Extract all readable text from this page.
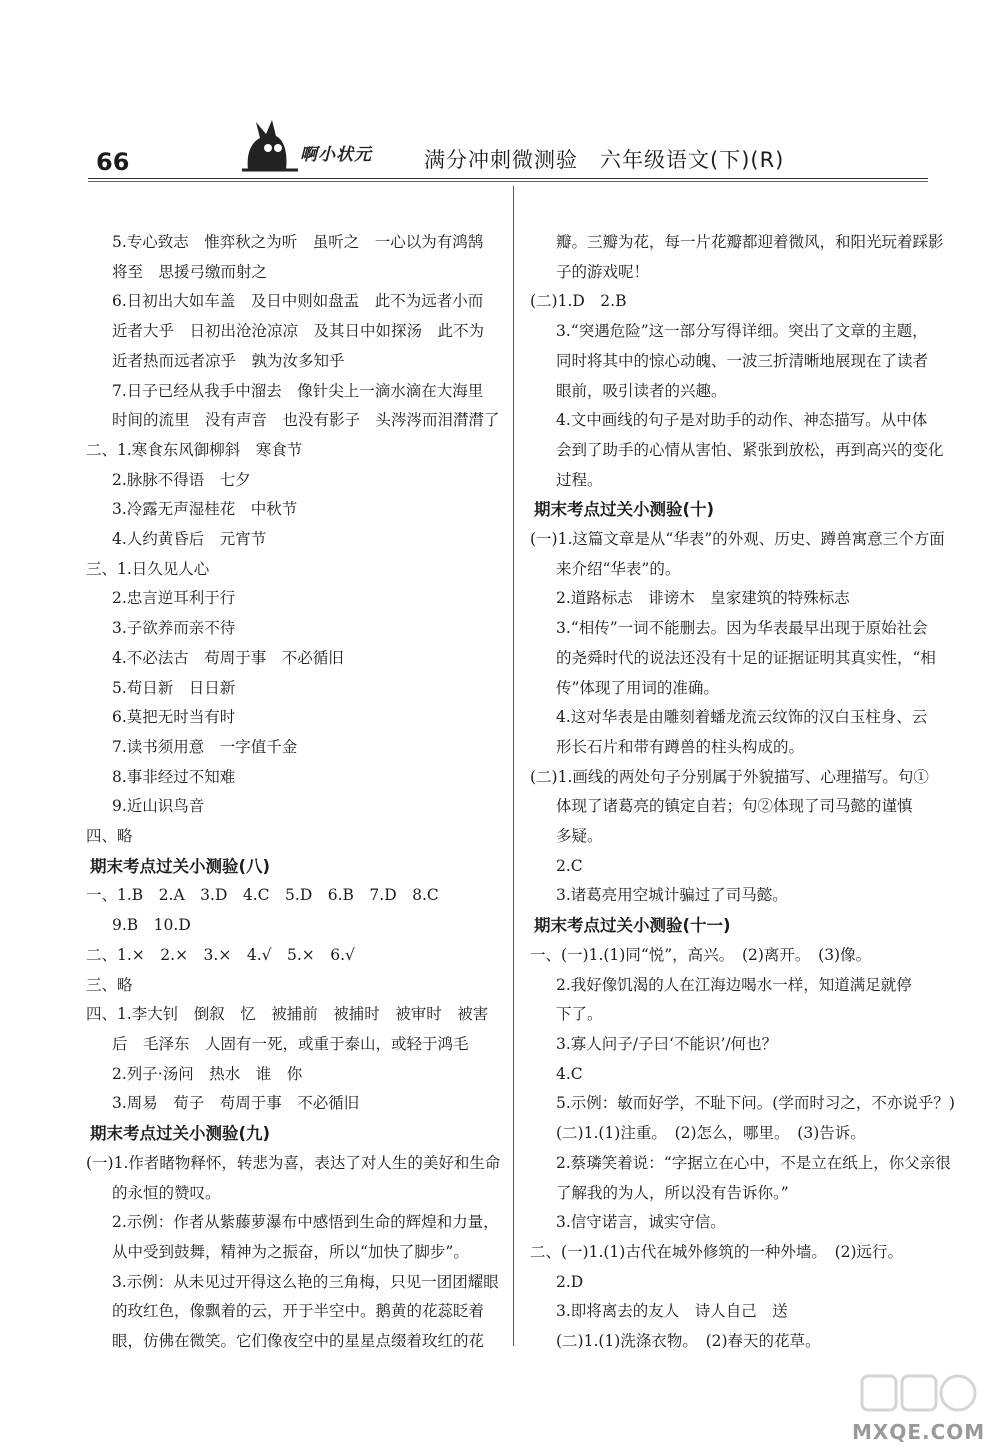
66	啊小状元 满分冲刺微测验　六年级语文(下)(R)
5.专心致志　惟弈秋之为听　虽听之　一心以为有鸿鹄
将至　思援弓缴而射之
6.日初出大如车盖　及日中则如盘盂　此不为远者小而
近者大乎　日初出沧沧凉凉　及其日中如探汤　此不为
近者热而远者凉乎　孰为汝多知乎
7.日子已经从我手中溜去　像针尖上一滴水滴在大海里
时间的流里　没有声音　也没有影子　头涔涔而泪潸潸了
二、1.寒食东风御柳斜　寒食节
2.脉脉不得语　七夕
3.冷露无声湿桂花　中秋节
4.人约黄昏后　元宵节
三、1.日久见人心
2.忠言逆耳利于行
3.子欲养而亲不待
4.不必法古　苟周于事　不必循旧
5.苟日新　日日新
6.莫把无时当有时
7.读书须用意　一字值千金
8.事非经过不知难
9.近山识鸟音
四、略
期末考点过关小测验(八)
一、1.B　2.A　3.D　4.C　5.D　6.B　7.D　8.C
9.B　10.D
二、1.×　2.×　3.×　4.√　5.×　6.√
三、略
四、1.李大钊　倒叙　忆　被捕前　被捕时　被审时　被害
后　毛泽东　人固有一死，或重于泰山，或轻于鸿毛
2.列子·汤问　热水　谁　你
3.周易　荀子　苟周于事　不必循旧
期末考点过关小测验(九)
(一)1.作者睹物释怀，转悲为喜，表达了对人生的美好和生命
的永恒的赞叹。
2.示例：作者从紫藤萝瀑布中感悟到生命的辉煌和力量，
从中受到鼓舞，精神为之振奋，所以“加快了脚步”。
3.示例：从未见过开得这么艳的三角梅，只见一团团耀眼
的玫红色，像飘着的云，开于半空中。鹅黄的花蕊眨着
眼，仿佛在微笑。它们像夜空中的星星点缀着玫红的花
瓣。三瓣为花，每一片花瓣都迎着微风，和阳光玩着踩影
子的游戏呢！
(二)1.D　2.B
3.“突遇危险”这一部分写得详细。突出了文章的主题，
同时将其中的惊心动魄、一波三折清晰地展现在了读者
眼前，吸引读者的兴趣。
4.文中画线的句子是对助手的动作、神态描写。从中体
会到了助手的心情从害怕、紧张到放松，再到高兴的变化
过程。
期末考点过关小测验(十)
(一)1.这篇文章是从“华表”的外观、历史、蹲兽寓意三个方面
来介绍“华表”的。
2.道路标志　诽谤木　皇家建筑的特殊标志
3.“相传”一词不能删去。因为华表最早出现于原始社会
的尧舜时代的说法还没有十足的证据证明其真实性，“相
传”体现了用词的准确。
4.这对华表是由雕刻着蟠龙流云纹饰的汉白玉柱身、云
形长石片和带有蹲兽的柱头构成的。
(二)1.画线的两处句子分别属于外貌描写、心理描写。句①
体现了诸葛亮的镇定自若；句②体现了司马懿的谨慎
多疑。
2.C
3.诸葛亮用空城计骗过了司马懿。
期末考点过关小测验(十一)
一、(一)1.(1)同“悦”，高兴。　(2)离开。　(3)像。
2.我好像饥渴的人在江海边喝水一样，知道满足就停
下了。
3.寡人问子/子曰‘不能识’/何也？
4.C
5.示例：敏而好学，不耻下问。(学而时习之，不亦说乎？)
(二)1.(1)注重。　(2)怎么，哪里。　(3)告诉。
2.蔡璘笑着说：“字据立在心中，不是立在纸上，你父亲很
了解我的为人，所以没有告诉你。”
3.信守诺言，诚实守信。
二、(一)1.(1)古代在城外修筑的一种外墙。　(2)远行。
2.D
3.即将离去的友人　诗人自己　送
(二)1.(1)洗涤衣物。　(2)春天的花草。
MXQE.COM
